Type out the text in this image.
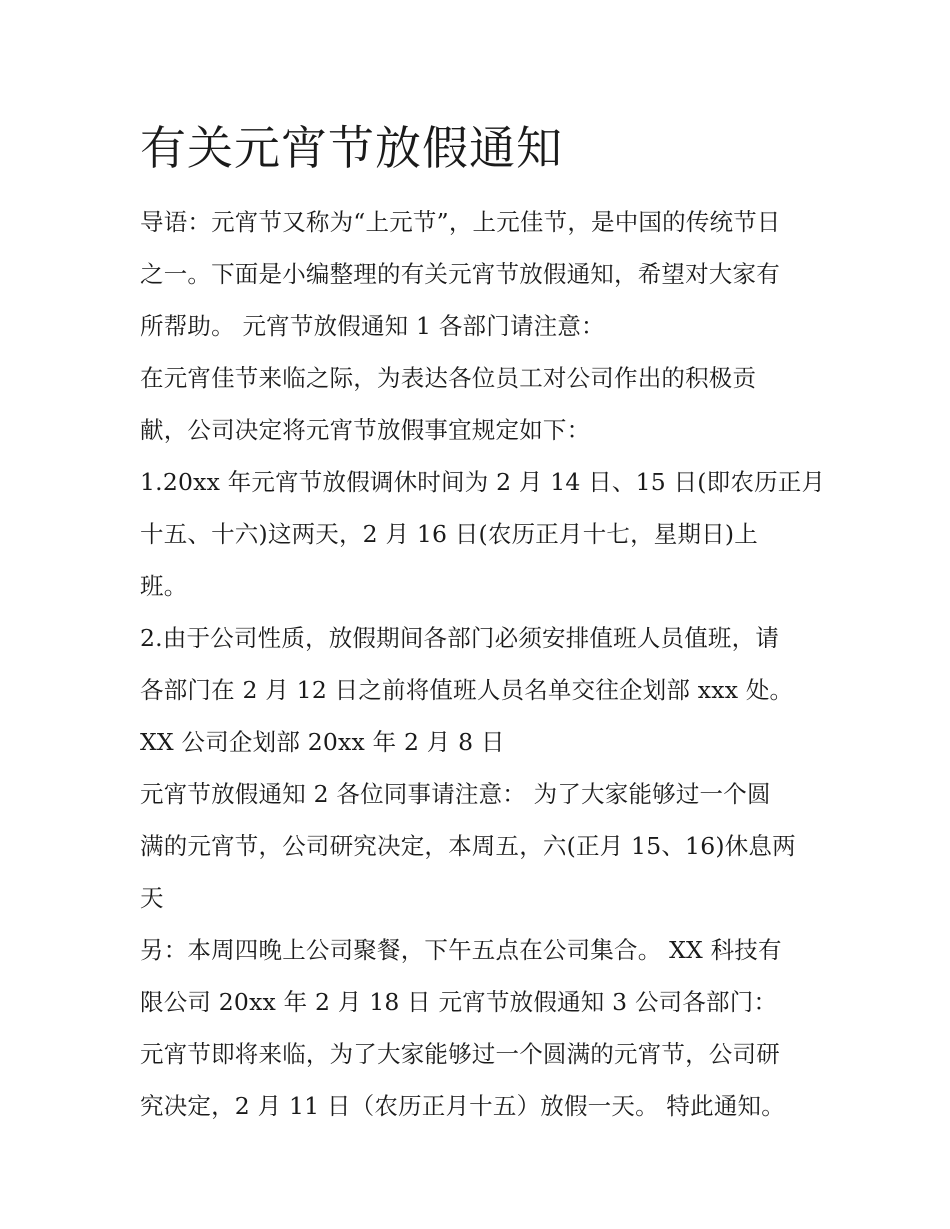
有关元宵节放假通知
导语：元宵节又称为“上元节”，上元佳节，是中国的传统节日
之一。下面是小编整理的有关元宵节放假通知，希望对大家有
所帮助。 元宵节放假通知 1 各部门请注意：
在元宵佳节来临之际，为表达各位员工对公司作出的积极贡
献，公司决定将元宵节放假事宜规定如下：
1.20xx 年元宵节放假调休时间为 2 月 14 日、15 日(即农历正月
十五、十六)这两天，2 月 16 日(农历正月十七，星期日)上
班。
2.由于公司性质，放假期间各部门必须安排值班人员值班，请
各部门在 2 月 12 日之前将值班人员名单交往企划部 xxx 处。
XX 公司企划部 20xx 年 2 月 8 日
元宵节放假通知 2 各位同事请注意： 为了大家能够过一个圆
满的元宵节，公司研究决定，本周五，六(正月 15、16)休息两
天
另：本周四晚上公司聚餐，下午五点在公司集合。 XX 科技有
限公司 20xx 年 2 月 18 日 元宵节放假通知 3 公司各部门：
元宵节即将来临，为了大家能够过一个圆满的元宵节，公司研
究决定，2 月 11 日（农历正月十五）放假一天。 特此通知。
